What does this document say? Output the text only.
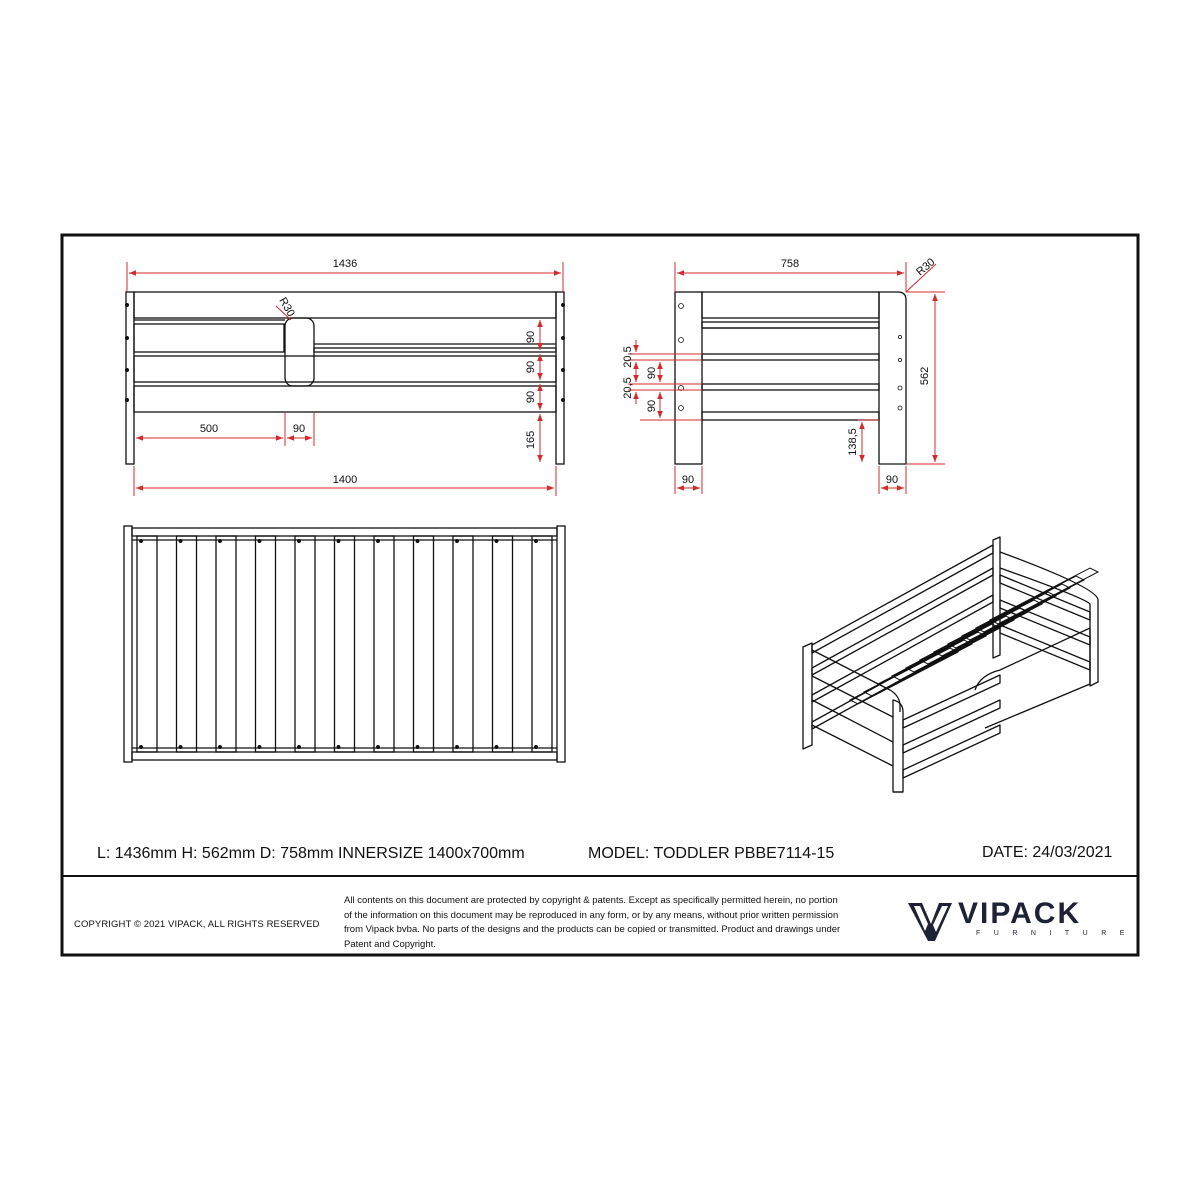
1436
1400
500	90
R30
90
90
90
165
758	R30
562
20,5
20,5
90
90
138,5
90	90
L: 1436mm H: 562mm D: 758mm INNERSIZE 1400x700mm	MODEL: TODDLER PBBE7114-15	DATE: 24/03/2021
COPYRIGHT © 2021 VIPACK, ALL RIGHTS RESERVED
All contents on this document are protected by copyright & patents. Except as specifically permitted herein, no portion of the information on this document may be reproduced in any form, or by any means, without prior written permission from Vipack bvba. No parts of the designs and the products can be copied or transmitted. Product and drawings under Patent and Copyright.
VIPACK
FURNITURE
